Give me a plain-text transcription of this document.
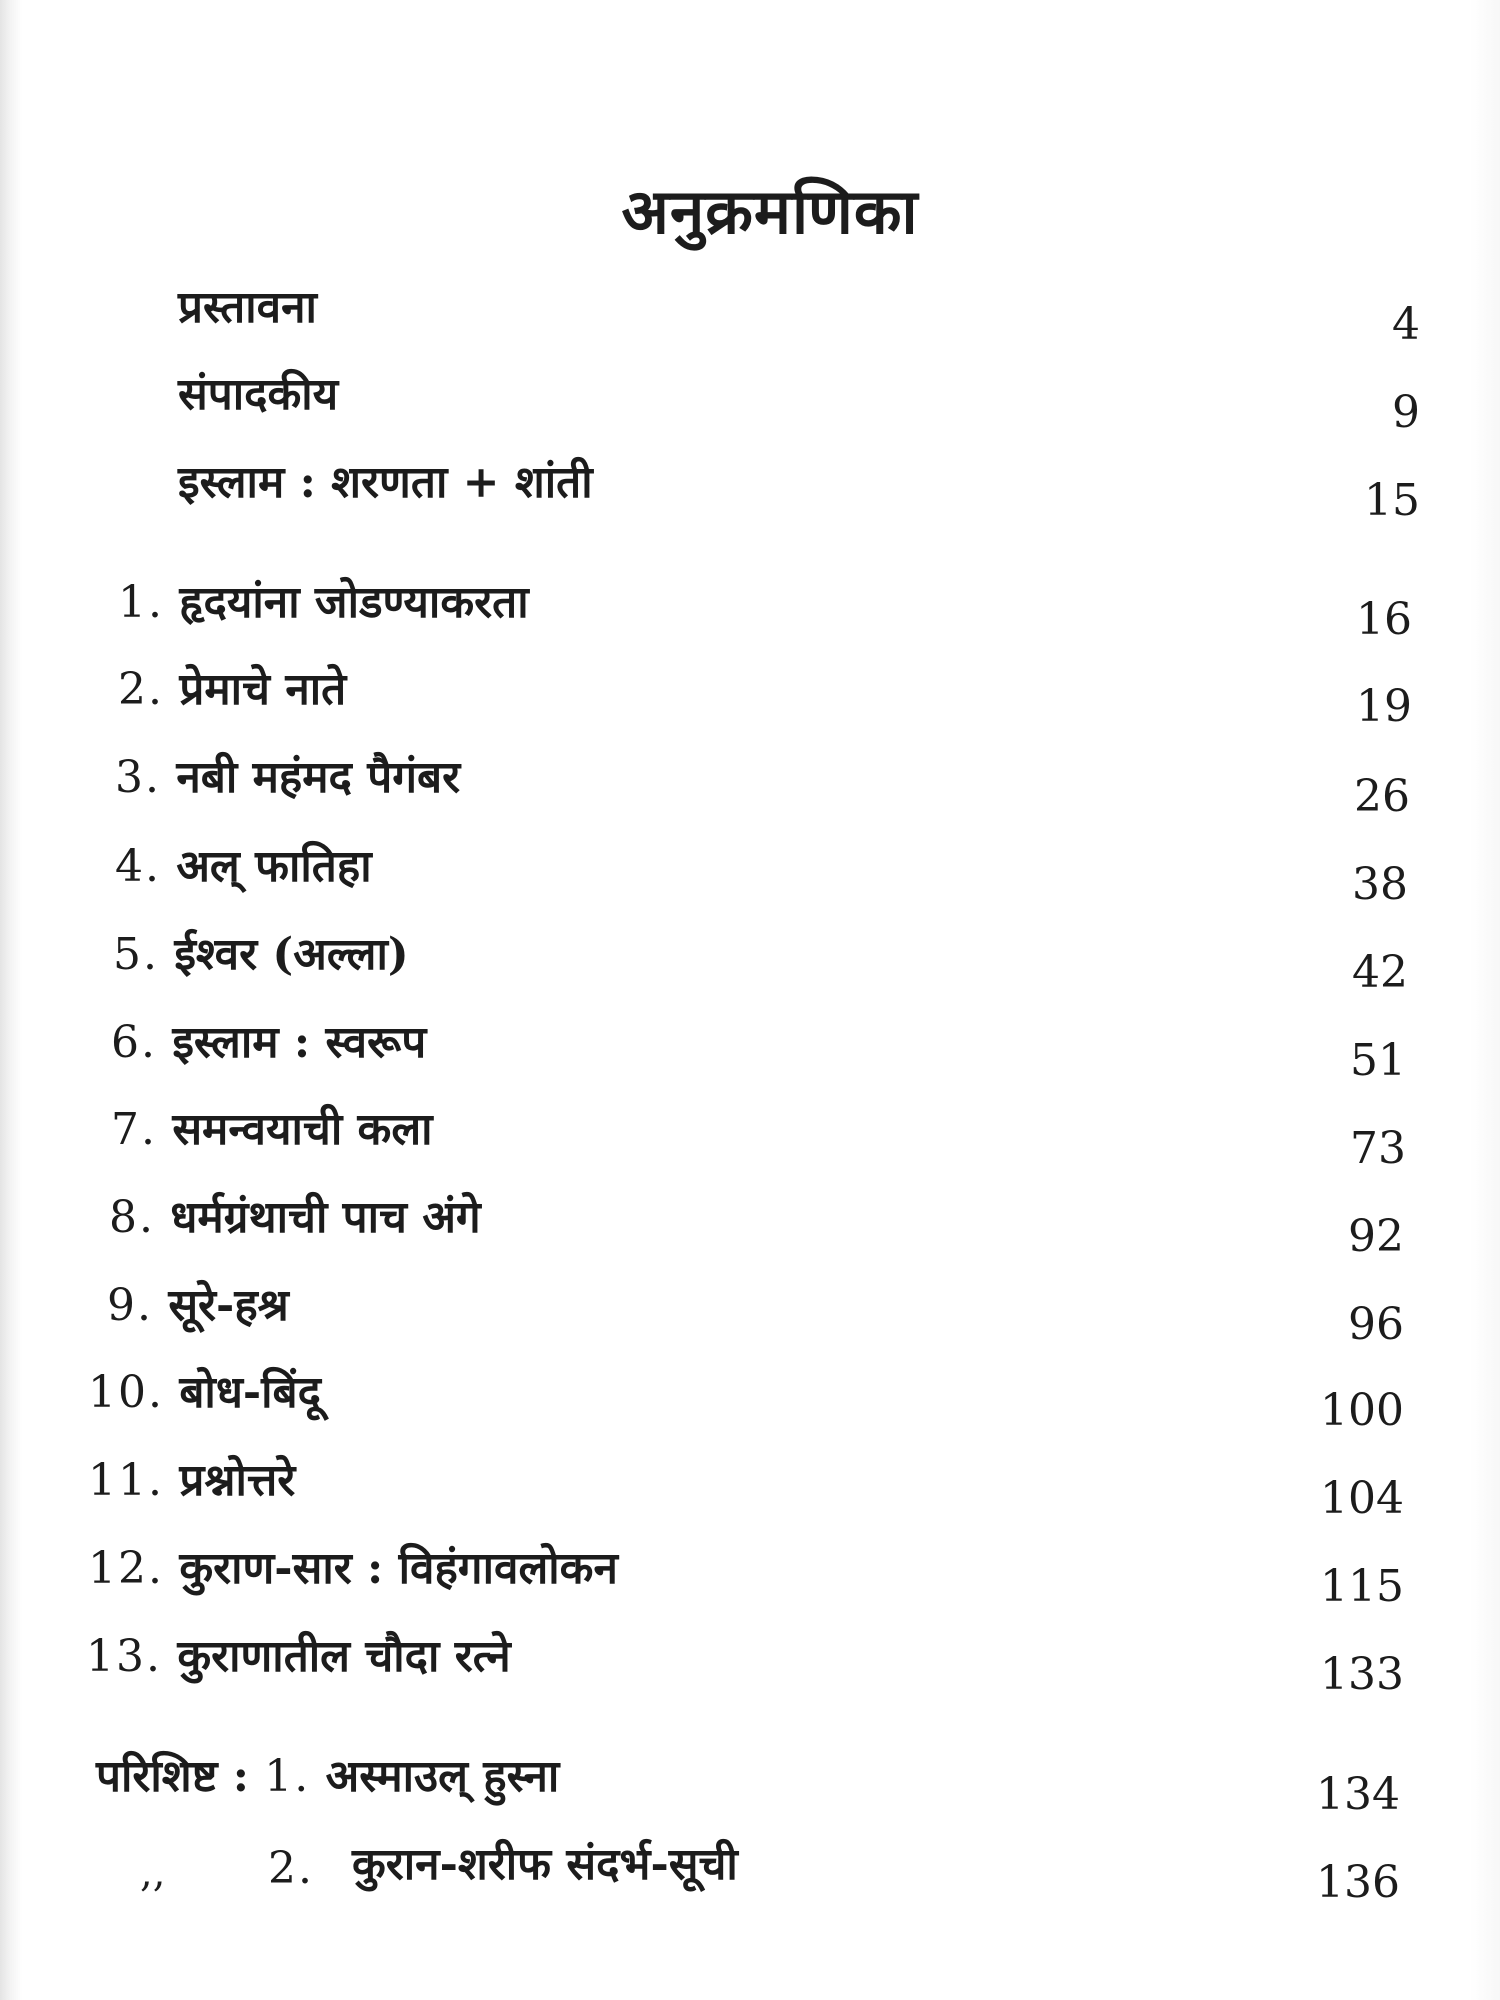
अनुक्रमणिका
प्रस्तावना	4
संपादकीय	9
इस्लाम : शरणता + शांती	15
1. हृदयांना जोडण्याकरता	16
2. प्रेमाचे नाते	19
3. नबी महंमद पैगंबर	26
4. अल् फातिहा	38
5. ईश्वर (अल्ला)	42
6. इस्लाम : स्वरूप	51
7. समन्वयाची कला	73
8. धर्मग्रंथाची पाच अंगे	92
9. सूरे-हश्र	96
10. बोध-बिंदू	100
11. प्रश्नोत्तरे	104
12. कुराण-सार : विहंगावलोकन	115
13. कुराणातील चौदा रत्ने	133
परिशिष्ट : 1. अस्माउल् हुस्ना	134
,, 2. कुरान-शरीफ संदर्भ-सूची	136
